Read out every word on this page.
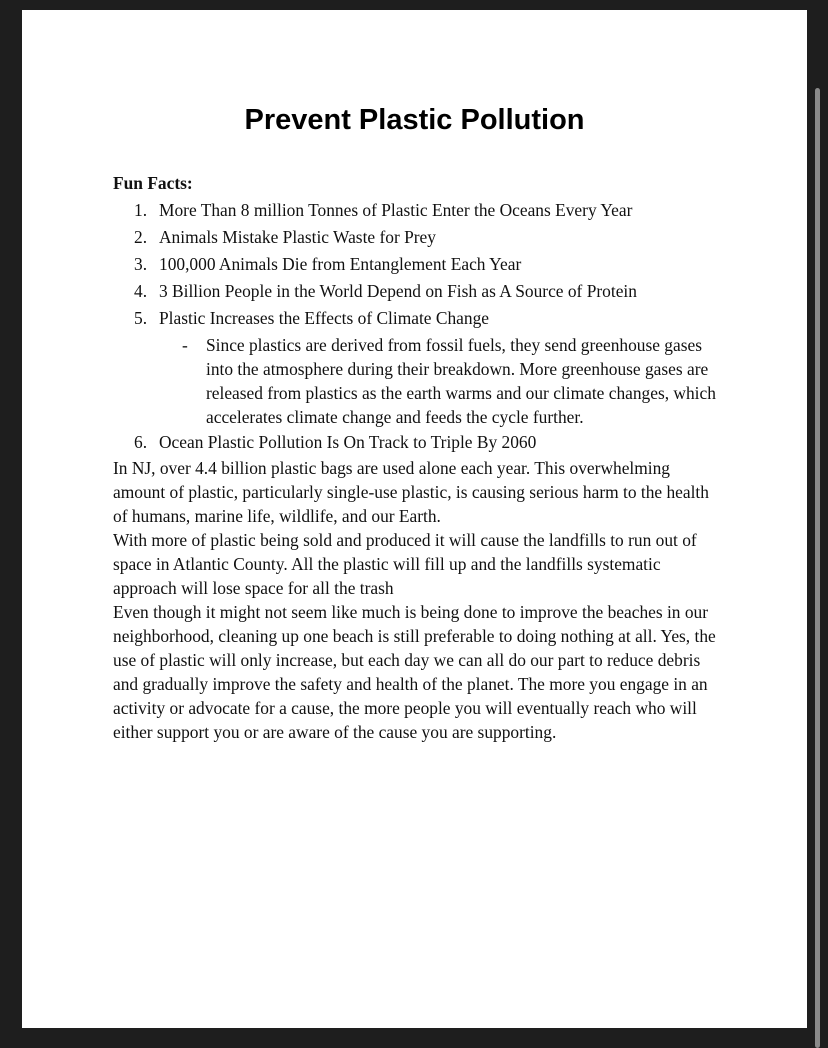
Prevent Plastic Pollution
Fun Facts:
1. More Than 8 million Tonnes of Plastic Enter the Oceans Every Year
2. Animals Mistake Plastic Waste for Prey
3. 100,000 Animals Die from Entanglement Each Year
4. 3 Billion People in the World Depend on Fish as A Source of Protein
5. Plastic Increases the Effects of Climate Change
- Since plastics are derived from fossil fuels, they send greenhouse gases into the atmosphere during their breakdown. More greenhouse gases are released from plastics as the earth warms and our climate changes, which accelerates climate change and feeds the cycle further.
6. Ocean Plastic Pollution Is On Track to Triple By 2060

In NJ, over 4.4 billion plastic bags are used alone each year. This overwhelming amount of plastic, particularly single-use plastic, is causing serious harm to the health of humans, marine life, wildlife, and our Earth.

With more of plastic being sold and produced it will cause the landfills to run out of space in Atlantic County. All the plastic will fill up and the landfills systematic approach will lose space for all the trash

Even though it might not seem like much is being done to improve the beaches in our neighborhood, cleaning up one beach is still preferable to doing nothing at all. Yes, the use of plastic will only increase, but each day we can all do our part to reduce debris and gradually improve the safety and health of the planet. The more you engage in an activity or advocate for a cause, the more people you will eventually reach who will either support you or are aware of the cause you are supporting.
